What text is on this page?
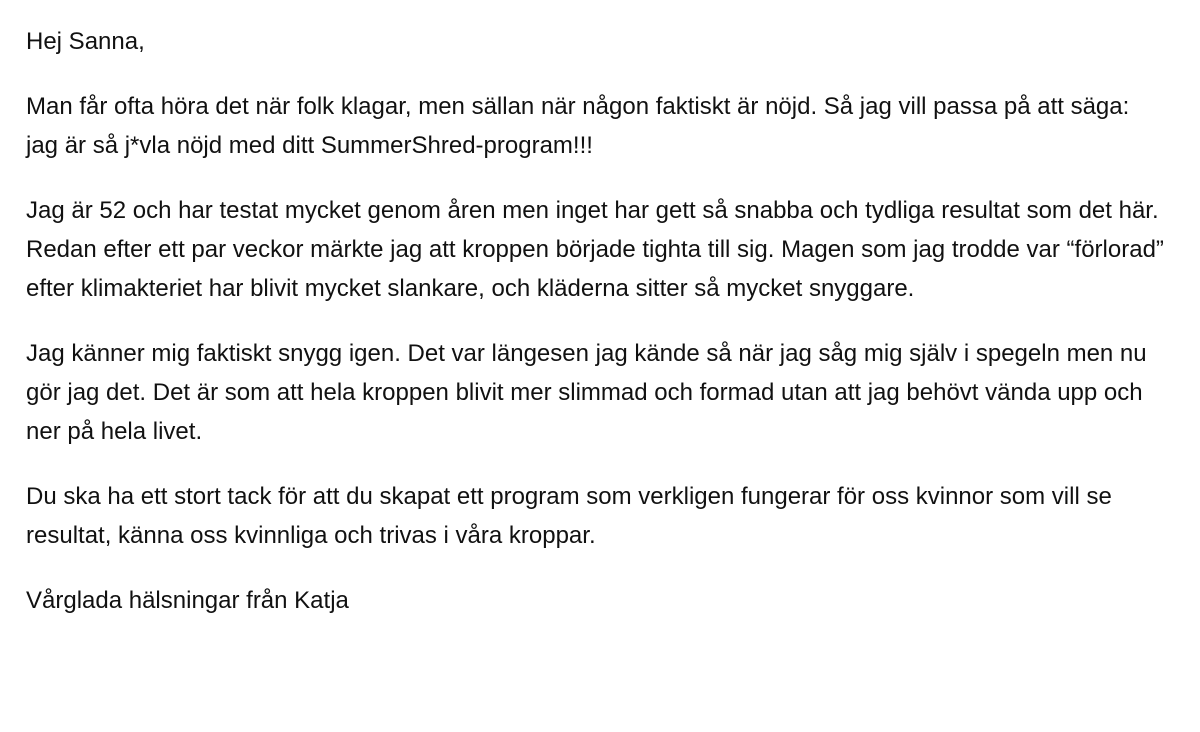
Hej Sanna,

Man får ofta höra det när folk klagar, men sällan när någon faktiskt är nöjd. Så jag vill passa på att säga: jag är så j*vla nöjd med ditt SummerShred-program!!!

Jag är 52 och har testat mycket genom åren men inget har gett så snabba och tydliga resultat som det här. Redan efter ett par veckor märkte jag att kroppen började tighta till sig. Magen som jag trodde var “förlorad” efter klimakteriet har blivit mycket slankare, och kläderna sitter så mycket snyggare.

Jag känner mig faktiskt snygg igen. Det var längesen jag kände så när jag såg mig själv i spegeln men nu gör jag det. Det är som att hela kroppen blivit mer slimmad och formad utan att jag behövt vända upp och ner på hela livet.

Du ska ha ett stort tack för att du skapat ett program som verkligen fungerar för oss kvinnor som vill se resultat, känna oss kvinnliga och trivas i våra kroppar.

Vårglada hälsningar från Katja
